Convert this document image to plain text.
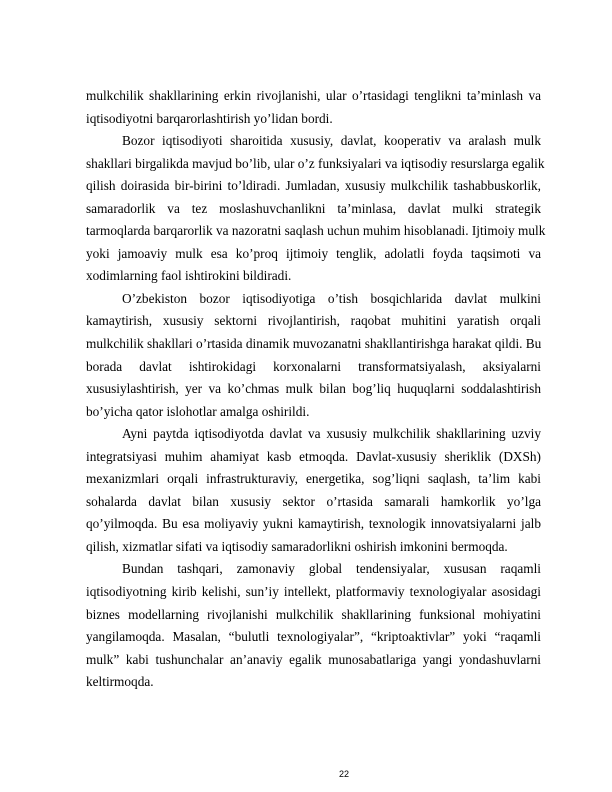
mulkchilik shakllarining erkin rivojlanishi, ular o’rtasidagi tenglikni ta’minlash va
iqtisodiyotni barqarorlashtirish yo’lidan bordi.
Bozor iqtisodiyoti sharoitida xususiy, davlat, kooperativ va aralash mulk
shakllari birgalikda mavjud bo’lib, ular o’z funksiyalari va iqtisodiy resurslarga egalik
qilish doirasida bir-birini to’ldiradi. Jumladan, xususiy mulkchilik tashabbuskorlik,
samaradorlik va tez moslashuvchanlikni ta’minlasa, davlat mulki strategik
tarmoqlarda barqarorlik va nazoratni saqlash uchun muhim hisoblanadi. Ijtimoiy mulk
yoki jamoaviy mulk esa ko’proq ijtimoiy tenglik, adolatli foyda taqsimoti va
xodimlarning faol ishtirokini bildiradi.
O’zbekiston bozor iqtisodiyotiga o’tish bosqichlarida davlat mulkini
kamaytirish, xususiy sektorni rivojlantirish, raqobat muhitini yaratish orqali
mulkchilik shakllari o’rtasida dinamik muvozanatni shakllantirishga harakat qildi. Bu
borada davlat ishtirokidagi korxonalarni transformatsiyalash, aksiyalarni
xususiylashtirish, yer va ko’chmas mulk bilan bog’liq huquqlarni soddalashtirish
bo’yicha qator islohotlar amalga oshirildi.
Ayni paytda iqtisodiyotda davlat va xususiy mulkchilik shakllarining uzviy
integratsiyasi muhim ahamiyat kasb etmoqda. Davlat-xususiy sheriklik (DXSh)
mexanizmlari orqali infrastrukturaviy, energetika, sog’liqni saqlash, ta’lim kabi
sohalarda davlat bilan xususiy sektor o’rtasida samarali hamkorlik yo’lga
qo’yilmoqda. Bu esa moliyaviy yukni kamaytirish, texnologik innovatsiyalarni jalb
qilish, xizmatlar sifati va iqtisodiy samaradorlikni oshirish imkonini bermoqda.
Bundan tashqari, zamonaviy global tendensiyalar, xususan raqamli
iqtisodiyotning kirib kelishi, sun’iy intellekt, platformaviy texnologiyalar asosidagi
biznes modellarning rivojlanishi mulkchilik shakllarining funksional mohiyatini
yangilamoqda. Masalan, “bulutli texnologiyalar”, “kriptoaktivlar” yoki “raqamli
mulk” kabi tushunchalar an’anaviy egalik munosabatlariga yangi yondashuvlarni
keltirmoqda.
22
